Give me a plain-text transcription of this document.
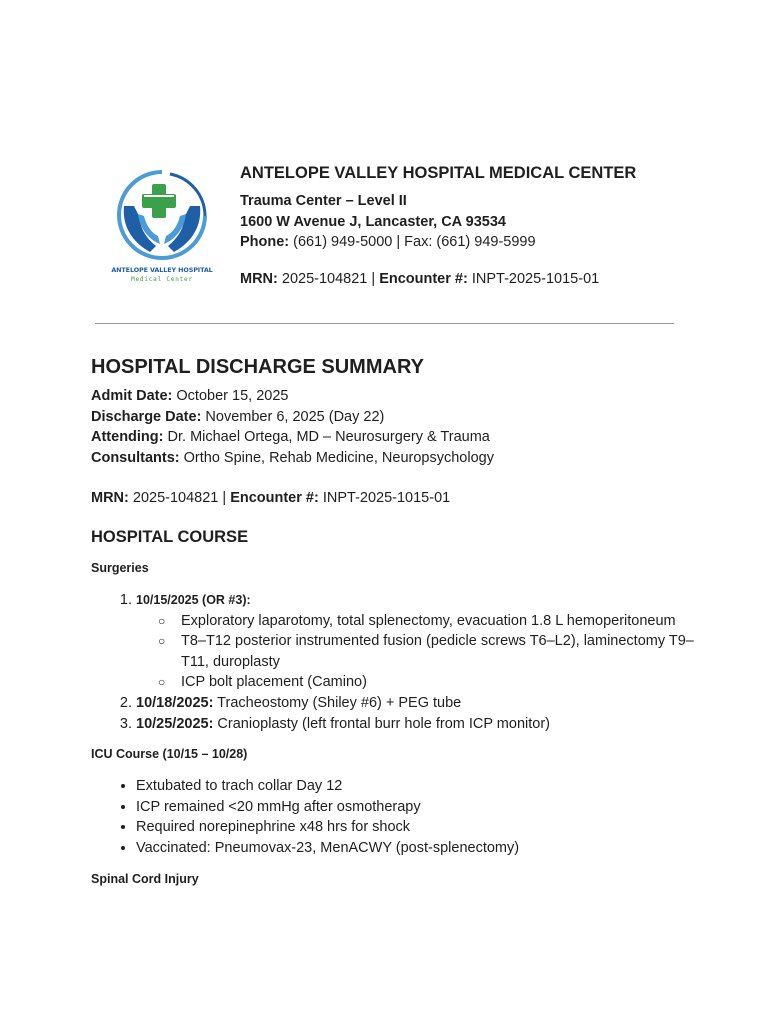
ANTELOPE VALLEY HOSPITAL
Medical Center
ANTELOPE VALLEY HOSPITAL MEDICAL CENTER
Trauma Center – Level II
1600 W Avenue J, Lancaster, CA 93534
Phone: (661) 949-5000 | Fax: (661) 949-5999
MRN: 2025-104821 | Encounter #: INPT-2025-1015-01
HOSPITAL DISCHARGE SUMMARY
Admit Date: October 15, 2025
Discharge Date: November 6, 2025 (Day 22)
Attending: Dr. Michael Ortega, MD – Neurosurgery & Trauma
Consultants: Ortho Spine, Rehab Medicine, Neuropsychology
MRN: 2025-104821 | Encounter #: INPT-2025-1015-01
HOSPITAL COURSE
Surgeries
1. 10/15/2025 (OR #3):
○ Exploratory laparotomy, total splenectomy, evacuation 1.8 L hemoperitoneum
○ T8–T12 posterior instrumented fusion (pedicle screws T6–L2), laminectomy T9–T11, duroplasty
○ ICP bolt placement (Camino)
2. 10/18/2025: Tracheostomy (Shiley #6) + PEG tube
3. 10/25/2025: Cranioplasty (left frontal burr hole from ICP monitor)
ICU Course (10/15 – 10/28)
• Extubated to trach collar Day 12
• ICP remained <20 mmHg after osmotherapy
• Required norepinephrine x48 hrs for shock
• Vaccinated: Pneumovax-23, MenACWY (post-splenectomy)
Spinal Cord Injury
